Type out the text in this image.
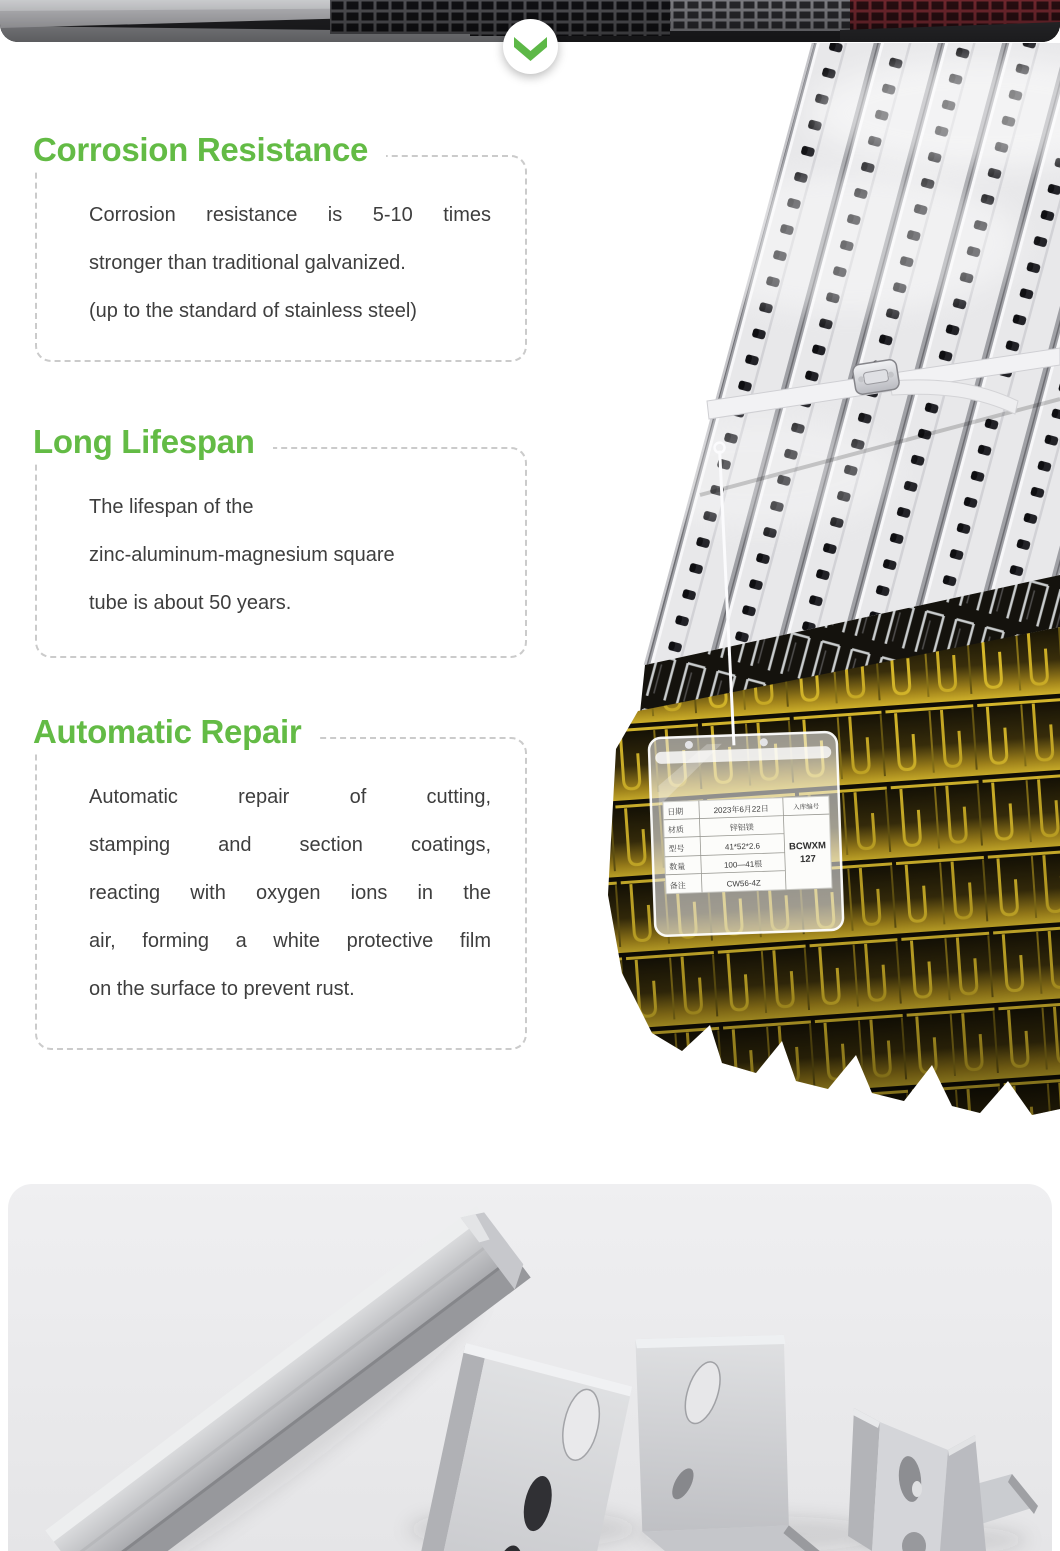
Corrosion Resistance
Corrosion resistance is 5-10 times
stronger than traditional galvanized.
(up to the standard of stainless steel)
Long Lifespan
The lifespan of the
zinc-aluminum-magnesium square
tube is about 50 years.
Automatic Repair
Automatic repair of cutting,
stamping and section coatings,
reacting with oxygen ions in the
air, forming a white protective film
on the surface to prevent rust.
日期	2023年6月22日	入库编号
材质	锌铝镁
型号	41*52*2.6
数量	100—41根
备注	CW56-4Z
BCWXM
127
